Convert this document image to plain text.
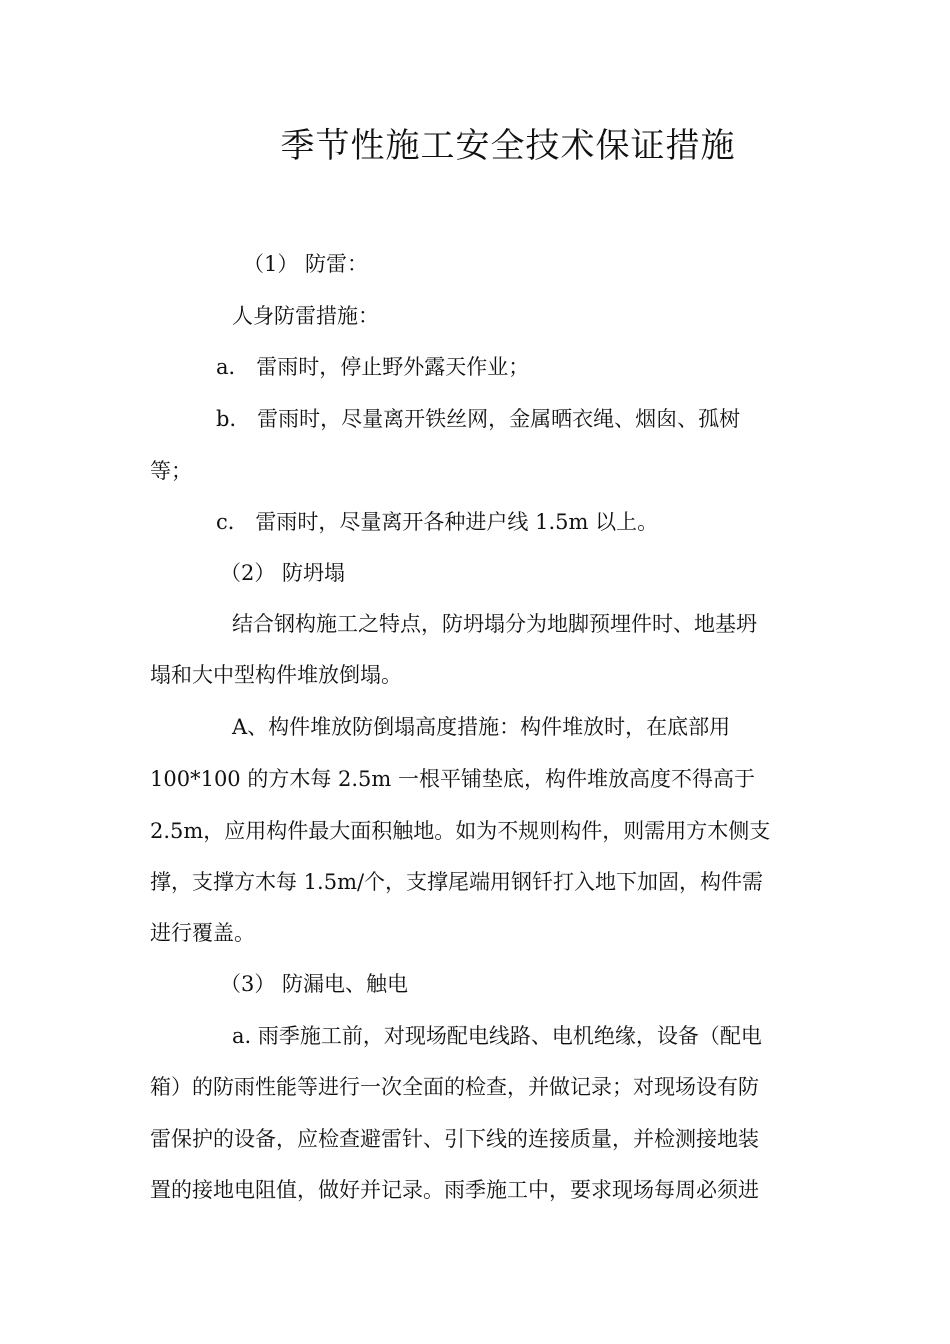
季节性施工安全技术保证措施
（1） 防雷：
人身防雷措施：
a． 雷雨时，停止野外露天作业；
b． 雷雨时，尽量离开铁丝网，金属晒衣绳、烟囱、孤树
等；
c． 雷雨时，尽量离开各种进户线 1.5m 以上。
（2） 防坍塌
结合钢构施工之特点，防坍塌分为地脚预埋件时、地基坍
塌和大中型构件堆放倒塌。
A、构件堆放防倒塌高度措施：构件堆放时，在底部用
100*100 的方木每 2.5m 一根平铺垫底，构件堆放高度不得高于
2.5m，应用构件最大面积触地。如为不规则构件，则需用方木侧支
撑，支撑方木每 1.5m/个，支撑尾端用钢钎打入地下加固，构件需
进行覆盖。
（3） 防漏电、触电
a. 雨季施工前，对现场配电线路、电机绝缘，设备（配电
箱）的防雨性能等进行一次全面的检查，并做记录；对现场设有防
雷保护的设备，应检查避雷针、引下线的连接质量，并检测接地装
置的接地电阻值，做好并记录。雨季施工中，要求现场每周必须进
